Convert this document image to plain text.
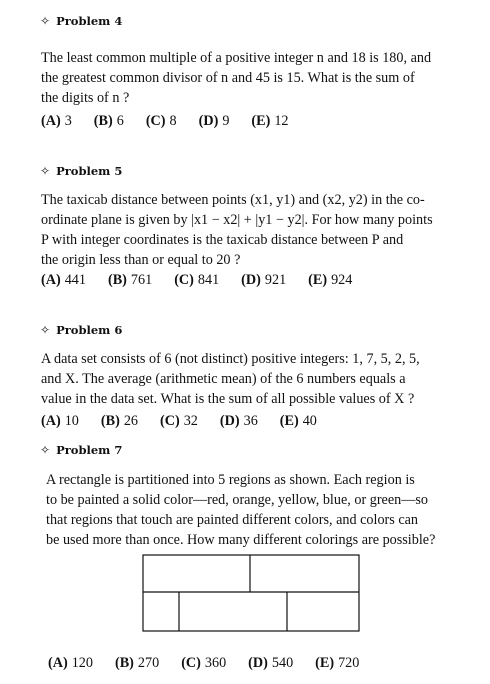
✧ Problem 4
The least common multiple of a positive integer n and 18 is 180, and
the greatest common divisor of n and 45 is 15. What is the sum of
the digits of n ?
(A) 3 (B) 6 (C) 8 (D) 9 (E) 12
✧ Problem 5
The taxicab distance between points (x1, y1) and (x2, y2) in the co-
ordinate plane is given by |x1 − x2| + |y1 − y2|. For how many points
P with integer coordinates is the taxicab distance between P and
the origin less than or equal to 20 ?
(A) 441 (B) 761 (C) 841 (D) 921 (E) 924
✧ Problem 6
A data set consists of 6 (not distinct) positive integers: 1, 7, 5, 2, 5,
and X. The average (arithmetic mean) of the 6 numbers equals a
value in the data set. What is the sum of all possible values of X ?
(A) 10 (B) 26 (C) 32 (D) 36 (E) 40
✧ Problem 7
A rectangle is partitioned into 5 regions as shown. Each region is
to be painted a solid color—red, orange, yellow, blue, or green—so
that regions that touch are painted different colors, and colors can
be used more than once. How many different colorings are possible?
(A) 120 (B) 270 (C) 360 (D) 540 (E) 720
